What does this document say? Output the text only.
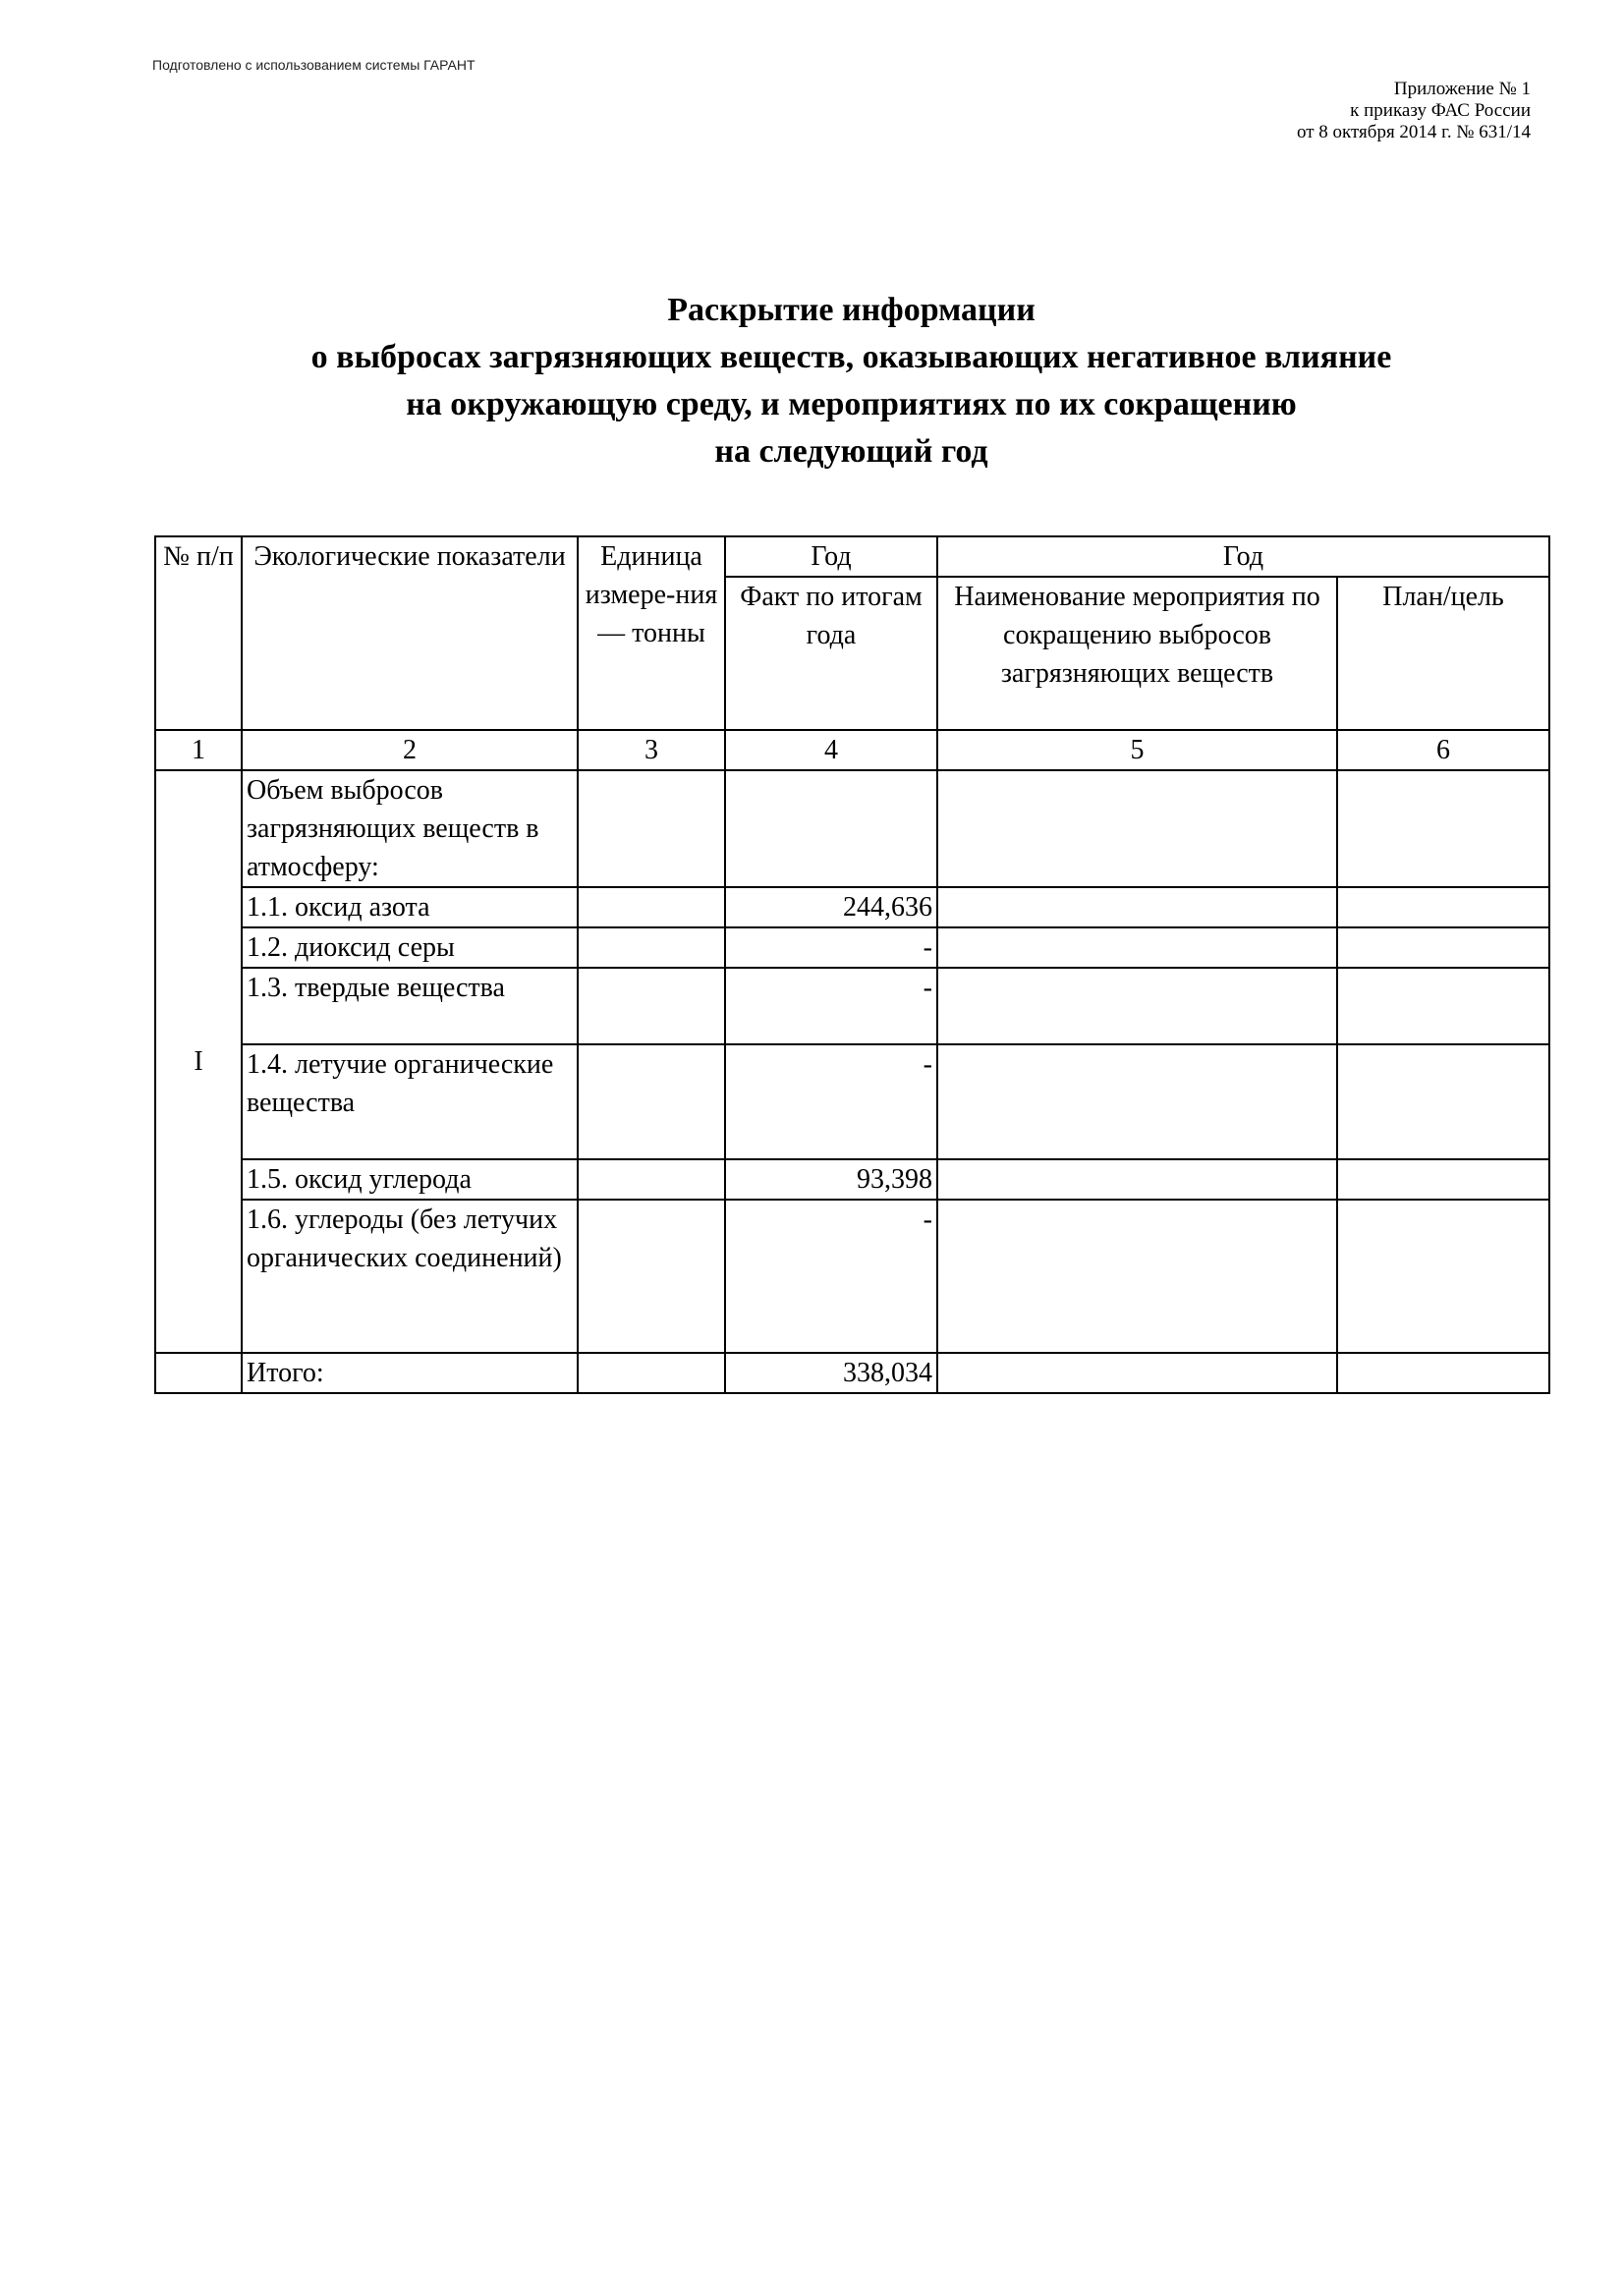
Подготовлено с использованием системы ГАРАНТ
Приложение № 1
к приказу ФАС России
от 8 октября 2014 г. № 631/14
Раскрытие информации
о выбросах загрязняющих веществ, оказывающих негативное влияние
на окружающую среду, и мероприятиях по их сокращению
на следующий год
№ п/п	Экологические показатели	Единица измере-ния — тонны	Год	Год	
			Факт по итогам года	Наименование мероприятия по сокращению выбросов загрязняющих веществ	План/цель
1	2	3	4	5	6
I	Объем выбросов загрязняющих веществ в атмосферу:				
	1.1. оксид азота		244,636		
	1.2. диоксид серы		-		
	1.3. твердые вещества		-		
	1.4. летучие органические вещества		-		
	1.5. оксид углерода		93,398		
	1.6. углероды (без летучих органических соединений)		-		
	Итого:		338,034		
